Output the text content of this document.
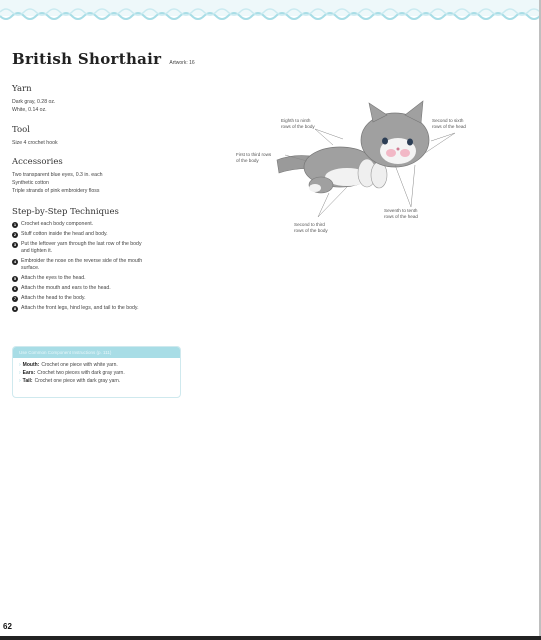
British Shorthair Artwork: 16
Yarn
Dark gray, 0.28 oz.
White, 0.14 oz.
Tool
Size 4 crochet hook
Accessories
Two transparent blue eyes, 0.3 in. each
Synthetic cotton
Triple strands of pink embroidery floss
Step-by-Step Techniques
1 Crochet each body component.
2 Stuff cotton inside the head and body.
3 Put the leftover yarn through the last row of the body
and tighten it.
4 Embroider the nose on the reverse side of the mouth
surface.
5 Attach the eyes to the head.
6 Attach the mouth and ears to the head.
7 Attach the head to the body.
8 Attach the front legs, hind legs, and tail to the body.
Use Common Component Instructions (p. 111)
› Mouth: Crochet one piece with white yarn.
› Ears: Crochet two pieces with dark gray yarn.
› Tail: Crochet one piece with dark gray yarn.
Eighth to ninth
rows of the body
Second to sixth
rows of the head
First to third rows
of the body
Second to third
rows of the body
Seventh to tenth
rows of the head
62
